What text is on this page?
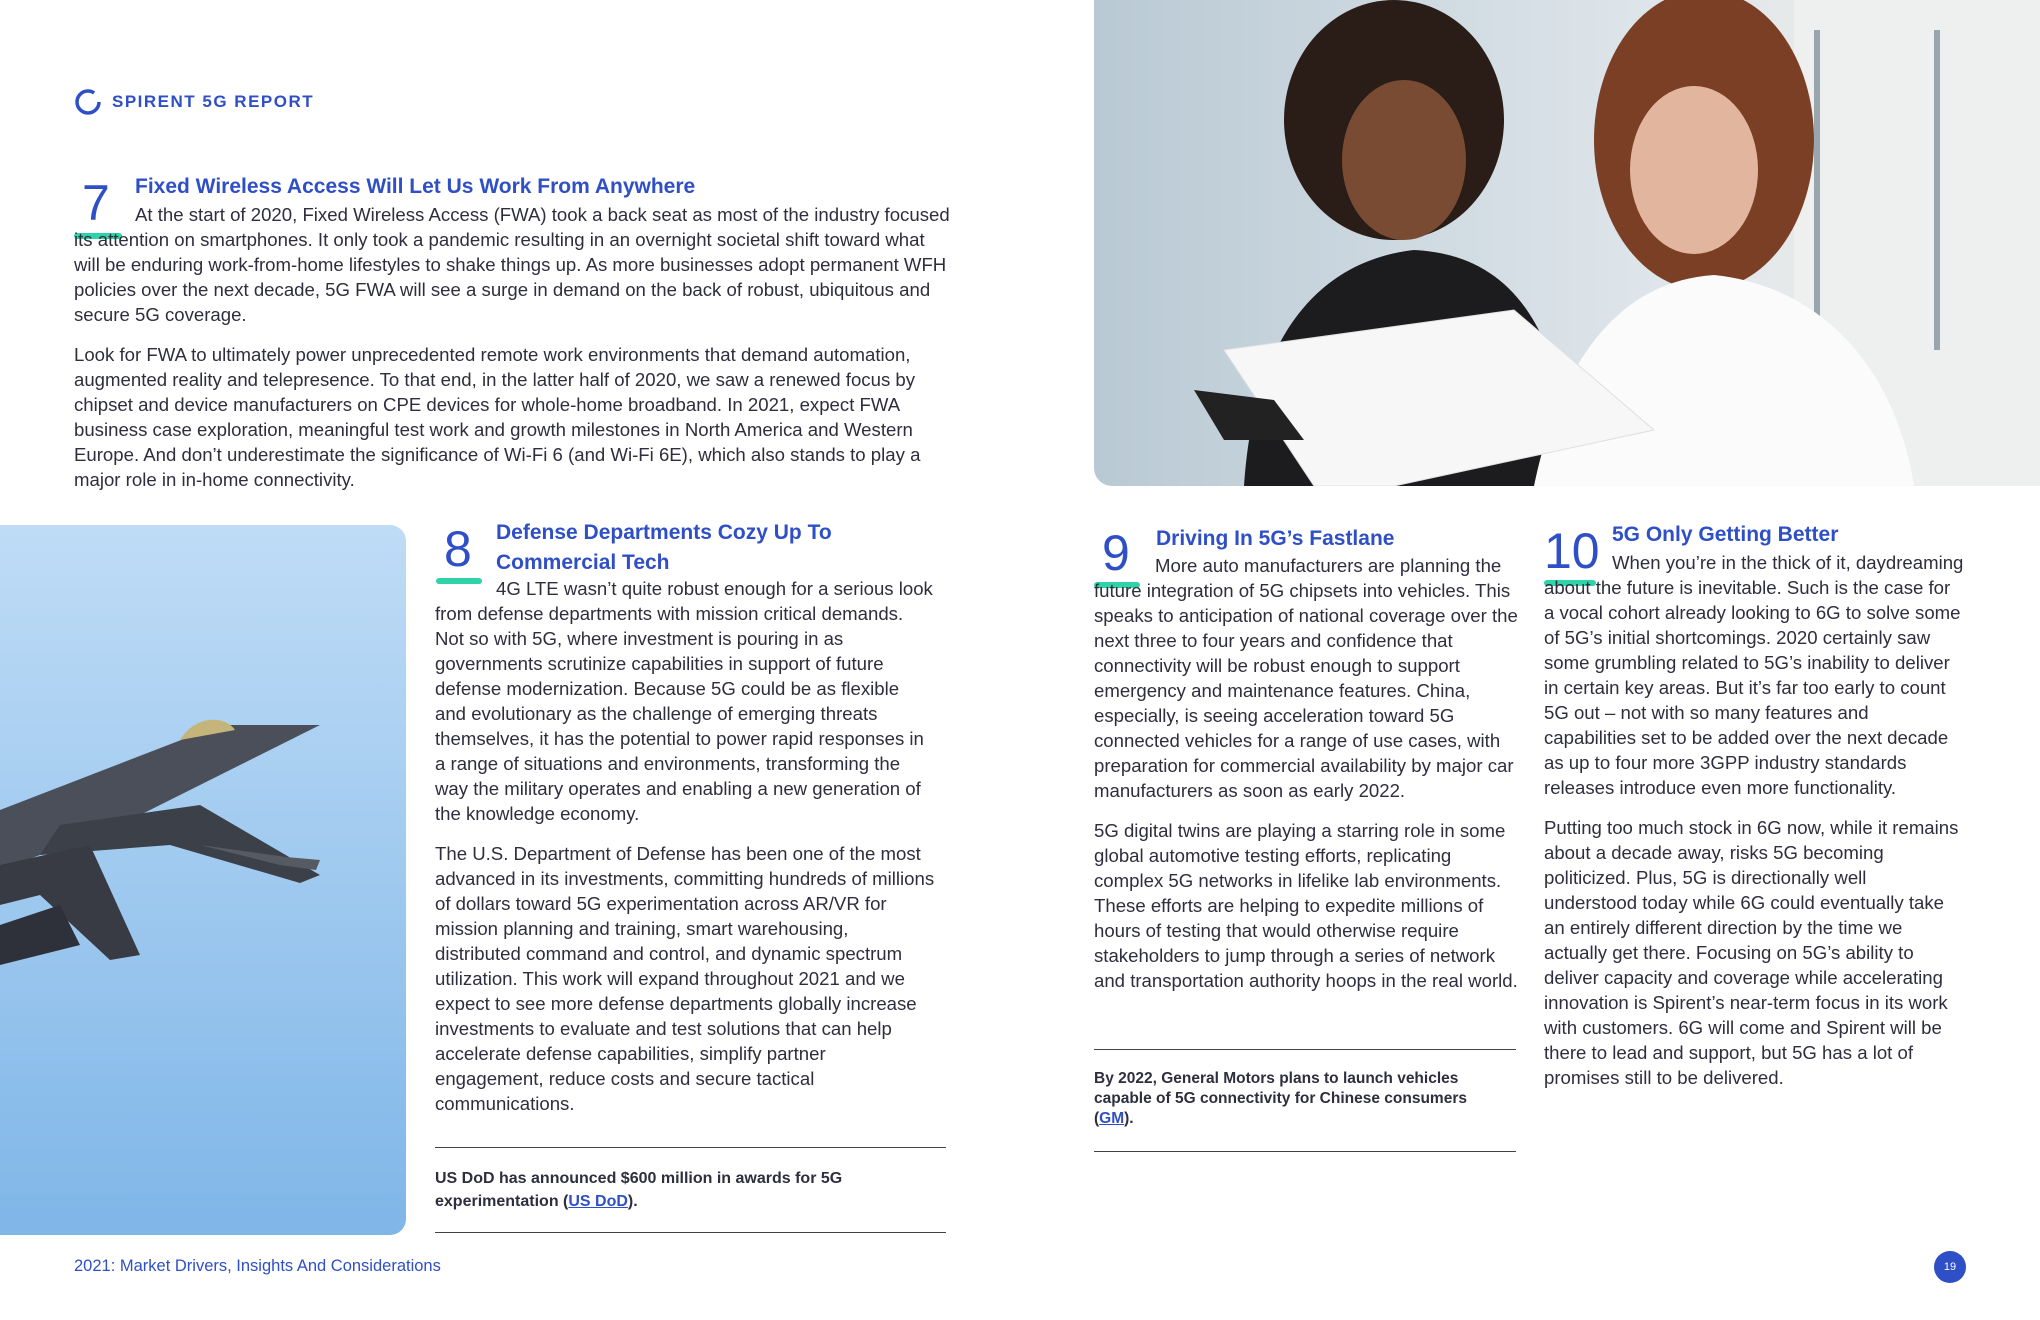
SPIRENT 5G REPORT
7 Fixed Wireless Access Will Let Us Work From Anywhere

At the start of 2020, Fixed Wireless Access (FWA) took a back seat as most of the industry focused its attention on smartphones. It only took a pandemic resulting in an overnight societal shift toward what will be enduring work-from-home lifestyles to shake things up. As more businesses adopt permanent WFH policies over the next decade, 5G FWA will see a surge in demand on the back of robust, ubiquitous and secure 5G coverage.

Look for FWA to ultimately power unprecedented remote work environments that demand automation, augmented reality and telepresence. To that end, in the latter half of 2020, we saw a renewed focus by chipset and device manufacturers on CPE devices for whole-home broadband. In 2021, expect FWA business case exploration, meaningful test work and growth milestones in North America and Western Europe. And don’t underestimate the significance of Wi-Fi 6 (and Wi-Fi 6E), which also stands to play a major role in in-home connectivity.

8 Defense Departments Cozy Up To Commercial Tech

4G LTE wasn’t quite robust enough for a serious look from defense departments with mission critical demands. Not so with 5G, where investment is pouring in as governments scrutinize capabilities in support of future defense modernization. Because 5G could be as flexible and evolutionary as the challenge of emerging threats themselves, it has the potential to power rapid responses in a range of situations and environments, transforming the way the military operates and enabling a new generation of the knowledge economy.

The U.S. Department of Defense has been one of the most advanced in its investments, committing hundreds of millions of dollars toward 5G experimentation across AR/VR for mission planning and training, smart warehousing, distributed command and control, and dynamic spectrum utilization. This work will expand throughout 2021 and we expect to see more defense departments globally increase investments to evaluate and test solutions that can help accelerate defense capabilities, simplify partner engagement, reduce costs and secure tactical communications.

US DoD has announced $600 million in awards for 5G experimentation (US DoD).
9 Driving In 5G’s Fastlane

More auto manufacturers are planning the future integration of 5G chipsets into vehicles. This speaks to anticipation of national coverage over the next three to four years and confidence that connectivity will be robust enough to support emergency and maintenance features. China, especially, is seeing acceleration toward 5G connected vehicles for a range of use cases, with preparation for commercial availability by major car manufacturers as soon as early 2022.

5G digital twins are playing a starring role in some global automotive testing efforts, replicating complex 5G networks in lifelike lab environments. These efforts are helping to expedite millions of hours of testing that would otherwise require stakeholders to jump through a series of network and transportation authority hoops in the real world.

By 2022, General Motors plans to launch vehicles capable of 5G connectivity for Chinese consumers (GM).
10 5G Only Getting Better

When you’re in the thick of it, daydreaming about the future is inevitable. Such is the case for a vocal cohort already looking to 6G to solve some of 5G’s initial shortcomings. 2020 certainly saw some grumbling related to 5G’s inability to deliver in certain key areas. But it’s far too early to count 5G out – not with so many features and capabilities set to be added over the next decade as up to four more 3GPP industry standards releases introduce even more functionality.

Putting too much stock in 6G now, while it remains about a decade away, risks 5G becoming politicized. Plus, 5G is directionally well understood today while 6G could eventually take an entirely different direction by the time we actually get there. Focusing on 5G’s ability to deliver capacity and coverage while accelerating innovation is Spirent’s near-term focus in its work with customers. 6G will come and Spirent will be there to lead and support, but 5G has a lot of promises still to be delivered.

2021: Market Drivers, Insights And Considerations	19
